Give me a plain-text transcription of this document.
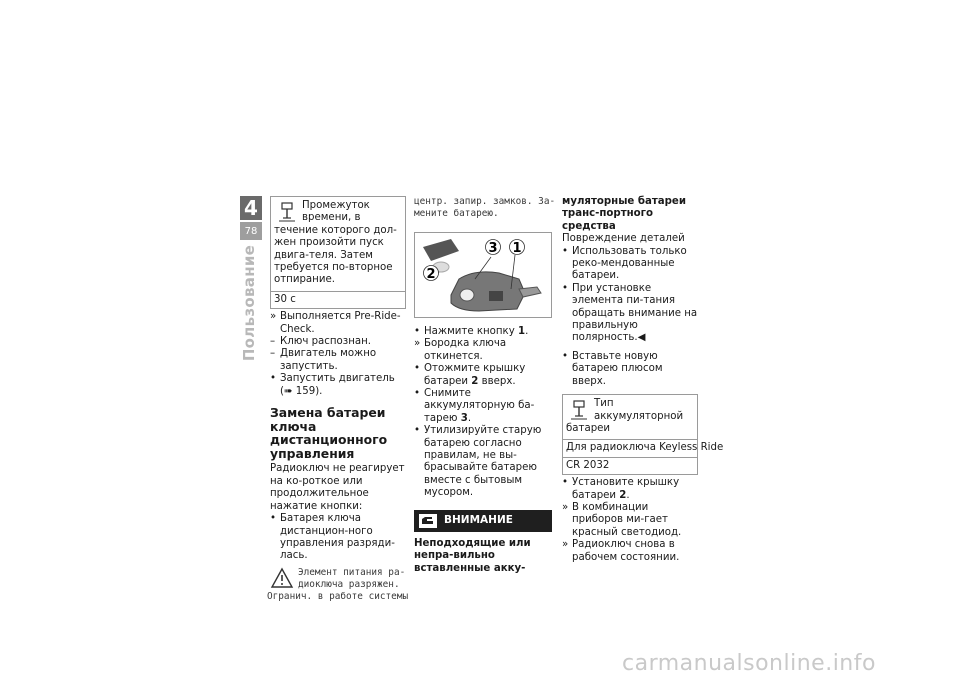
4
78
Пользование
Промежуток времени, в течение которого дол-жен произойти пуск двига-теля. Затем требуется по-вторное отпирание.
30 с
» Выполняется Pre-Ride-Check.
– Ключ распознан.
– Двигатель можно запустить.
• Запустить двигатель (➠ 159).
Замена батареи ключа дистанционного управления

Радиоключ не реагирует на ко-роткое или продолжительное нажатие кнопки:

• Батарея ключа дистанцион-ного управления разряди-лась.
Элемент питания ра-
диоключа разряжен.
Огранич. в работе системы
центр. запир. замков. За-
мените батарею.
1
3
2
• Нажмите кнопку 1.
» Бородка ключа откинется.
• Отожмите крышку батареи 2 вверх.
• Снимите аккумуляторную ба-тарею 3.
• Утилизируйте старую батарею согласно правилам, не вы-брасывайте батарею вместе с бытовым мусором.
ВНИМАНИЕ
Неподходящие или непра-вильно вставленные акку-
муляторные батареи транс-портного средства
Повреждение деталей
• Использовать только реко-мендованные батареи.
• При установке элемента пи-тания обращать внимание на правильную полярность.◀
• Вставьте новую батарею плюсом вверх.
Тип аккумуляторной батареи
Для радиоключа Keyless Ride
CR 2032
• Установите крышку батареи 2.
» В комбинации приборов ми-гает красный светодиод.
» Радиоключ снова в рабочем состоянии.
carmanualsonline.info
